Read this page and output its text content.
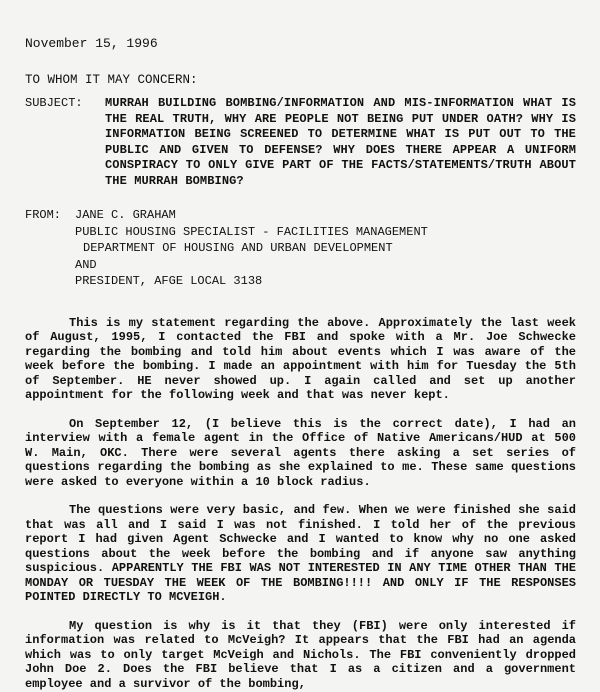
November 15, 1996
TO WHOM IT MAY CONCERN:
SUBJECT:	MURRAH BUILDING BOMBING/INFORMATION AND MIS-INFORMATION WHAT IS THE REAL TRUTH, WHY ARE PEOPLE NOT BEING PUT UNDER OATH? WHY IS INFORMATION BEING SCREENED TO DETERMINE WHAT IS PUT OUT TO THE PUBLIC AND GIVEN TO DEFENSE? WHY DOES THERE APPEAR A UNIFORM CONSPIRACY TO ONLY GIVE PART OF THE FACTS/STATEMENTS/TRUTH ABOUT THE MURRAH BOMBING?
FROM:	JANE C. GRAHAM
PUBLIC HOUSING SPECIALIST - FACILITIES MANAGEMENT
DEPARTMENT OF HOUSING AND URBAN DEVELOPMENT
AND
PRESIDENT, AFGE LOCAL 3138

This is my statement regarding the above. Approximately the last week of August, 1995, I contacted the FBI and spoke with a Mr. Joe Schwecke regarding the bombing and told him about events which I was aware of the week before the bombing. I made an appointment with him for Tuesday the 5th of September. HE never showed up. I again called and set up another appointment for the following week and that was never kept.

On September 12, (I believe this is the correct date), I had an interview with a female agent in the Office of Native Americans/HUD at 500 W. Main, OKC. There were several agents there asking a set series of questions regarding the bombing as she explained to me. These same questions were asked to everyone within a 10 block radius.

The questions were very basic, and few. When we were finished she said that was all and I said I was not finished. I told her of the previous report I had given Agent Schwecke and I wanted to know why no one asked questions about the week before the bombing and if anyone saw anything suspicious. APPARENTLY THE FBI WAS NOT INTERESTED IN ANY TIME OTHER THAN THE MONDAY OR TUESDAY THE WEEK OF THE BOMBING!!!! AND ONLY IF THE RESPONSES POINTED DIRECTLY TO MCVEIGH.

My question is why is it that they (FBI) were only interested if information was related to McVeigh? It appears that the FBI had an agenda which was to only target McVeigh and Nichols. The FBI conveniently dropped John Doe 2. Does the FBI believe that I as a citizen and a government employee and a survivor of the bombing,
